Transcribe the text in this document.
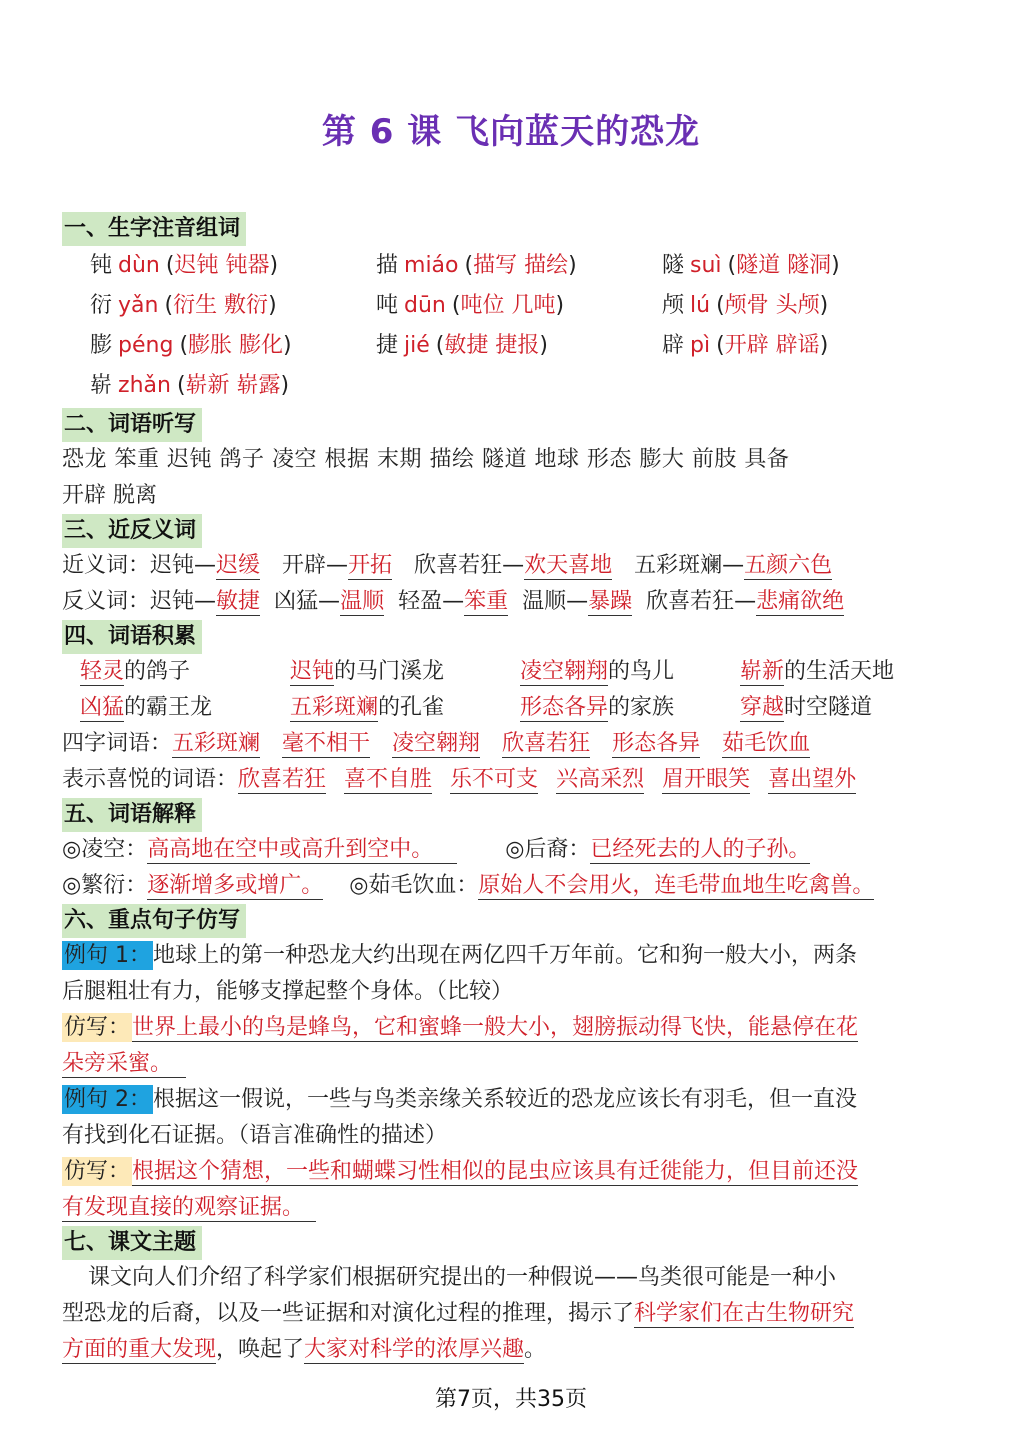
第 6 课 飞向蓝天的恐龙
一、生字注音组词
钝 dùn (迟钝 钝器)	描 miáo (描写 描绘)	隧 suì (隧道 隧洞)
衍 yǎn (衍生 敷衍)	吨 dūn (吨位 几吨)	颅 lú (颅骨 头颅)
膨 péng (膨胀 膨化)	捷 jié (敏捷 捷报)	辟 pì (开辟 辟谣)
崭 zhǎn (崭新 崭露)
二、词语听写
恐龙 笨重 迟钝 鸽子 凌空 根据 末期 描绘 隧道 地球 形态 膨大 前肢 具备
开辟 脱离
三、近反义词
近义词：迟钝—迟缓 开辟—开拓 欣喜若狂—欢天喜地 五彩斑斓—五颜六色
反义词：迟钝—敏捷 凶猛—温顺 轻盈—笨重 温顺—暴躁 欣喜若狂—悲痛欲绝
四、词语积累
轻灵的鸽子	迟钝的马门溪龙	凌空翱翔的鸟儿	崭新的生活天地
凶猛的霸王龙	五彩斑斓的孔雀	形态各异的家族	穿越时空隧道
四字词语：五彩斑斓 毫不相干 凌空翱翔 欣喜若狂 形态各异 茹毛饮血
表示喜悦的词语：欣喜若狂 喜不自胜 乐不可支 兴高采烈 眉开眼笑 喜出望外
五、词语解释
◎凌空：高高地在空中或高升到空中。	◎后裔：已经死去的人的子孙。
◎繁衍：逐渐增多或增广。 ◎茹毛饮血：原始人不会用火，连毛带血地生吃禽兽。
六、重点句子仿写
例句 1：地球上的第一种恐龙大约出现在两亿四千万年前。它和狗一般大小，两条
后腿粗壮有力，能够支撑起整个身体。（比较）
仿写：世界上最小的鸟是蜂鸟，它和蜜蜂一般大小，翅膀振动得飞快，能悬停在花
朵旁采蜜。
例句 2：根据这一假说，一些与鸟类亲缘关系较近的恐龙应该长有羽毛，但一直没
有找到化石证据。（语言准确性的描述）
仿写：根据这个猜想，一些和蝴蝶习性相似的昆虫应该具有迁徙能力，但目前还没
有发现直接的观察证据。
七、课文主题
课文向人们介绍了科学家们根据研究提出的一种假说——鸟类很可能是一种小
型恐龙的后裔，以及一些证据和对演化过程的推理，揭示了科学家们在古生物研究
方面的重大发现，唤起了大家对科学的浓厚兴趣。
第7页，共35页
